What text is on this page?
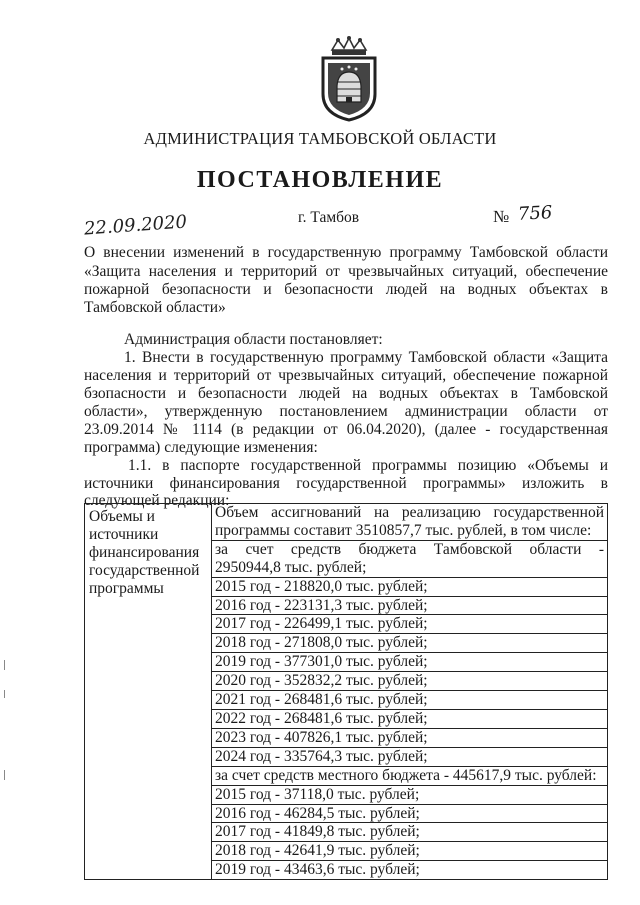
АДМИНИСТРАЦИЯ ТАМБОВСКОЙ ОБЛАСТИ
ПОСТАНОВЛЕНИЕ
22.09.2020	г. Тамбов	№ 756
О внесении изменений в государственную программу Тамбовской области
«Защита населения и территорий от чрезвычайных ситуаций, обеспечение
пожарной безопасности и безопасности людей на водных объектах в
Тамбовской области»
Администрация области постановляет:
1. Внести в государственную программу Тамбовской области «Защита
населения и территорий от чрезвычайных ситуаций, обеспечение пожарной
бзопасности и безопасности людей на водных объектах в Тамбовской
области», утвержденную постановлением администрации области от
23.09.2014 № 1114 (в редакции от 06.04.2020), (далее - государственная
программа) следующие изменения:
1.1. в паспорте государственной программы позицию «Объемы и
источники финансирования государственной программы» изложить в
следующей редакции:
Объемы и источники финансирования государственной программы	
Объем ассигнований на реализацию государственной
программы составит 3510857,7 тыс. рублей, в том числе:
за счет средств бюджета Тамбовской области -
2950944,8 тыс. рублей;
2015 год - 218820,0 тыс. рублей;
2016 год - 223131,3 тыс. рублей;
2017 год - 226499,1 тыс. рублей;
2018 год - 271808,0 тыс. рублей;
2019 год - 377301,0 тыс. рублей;
2020 год - 352832,2 тыс. рублей;
2021 год - 268481,6 тыс. рублей;
2022 год - 268481,6 тыс. рублей;
2023 год - 407826,1 тыс. рублей;
2024 год - 335764,3 тыс. рублей;
за счет средств местного бюджета - 445617,9 тыс. рублей:
2015 год - 37118,0 тыс. рублей;
2016 год - 46284,5 тыс. рублей;
2017 год - 41849,8 тыс. рублей;
2018 год - 42641,9 тыс. рублей;
2019 год - 43463,6 тыс. рублей;
